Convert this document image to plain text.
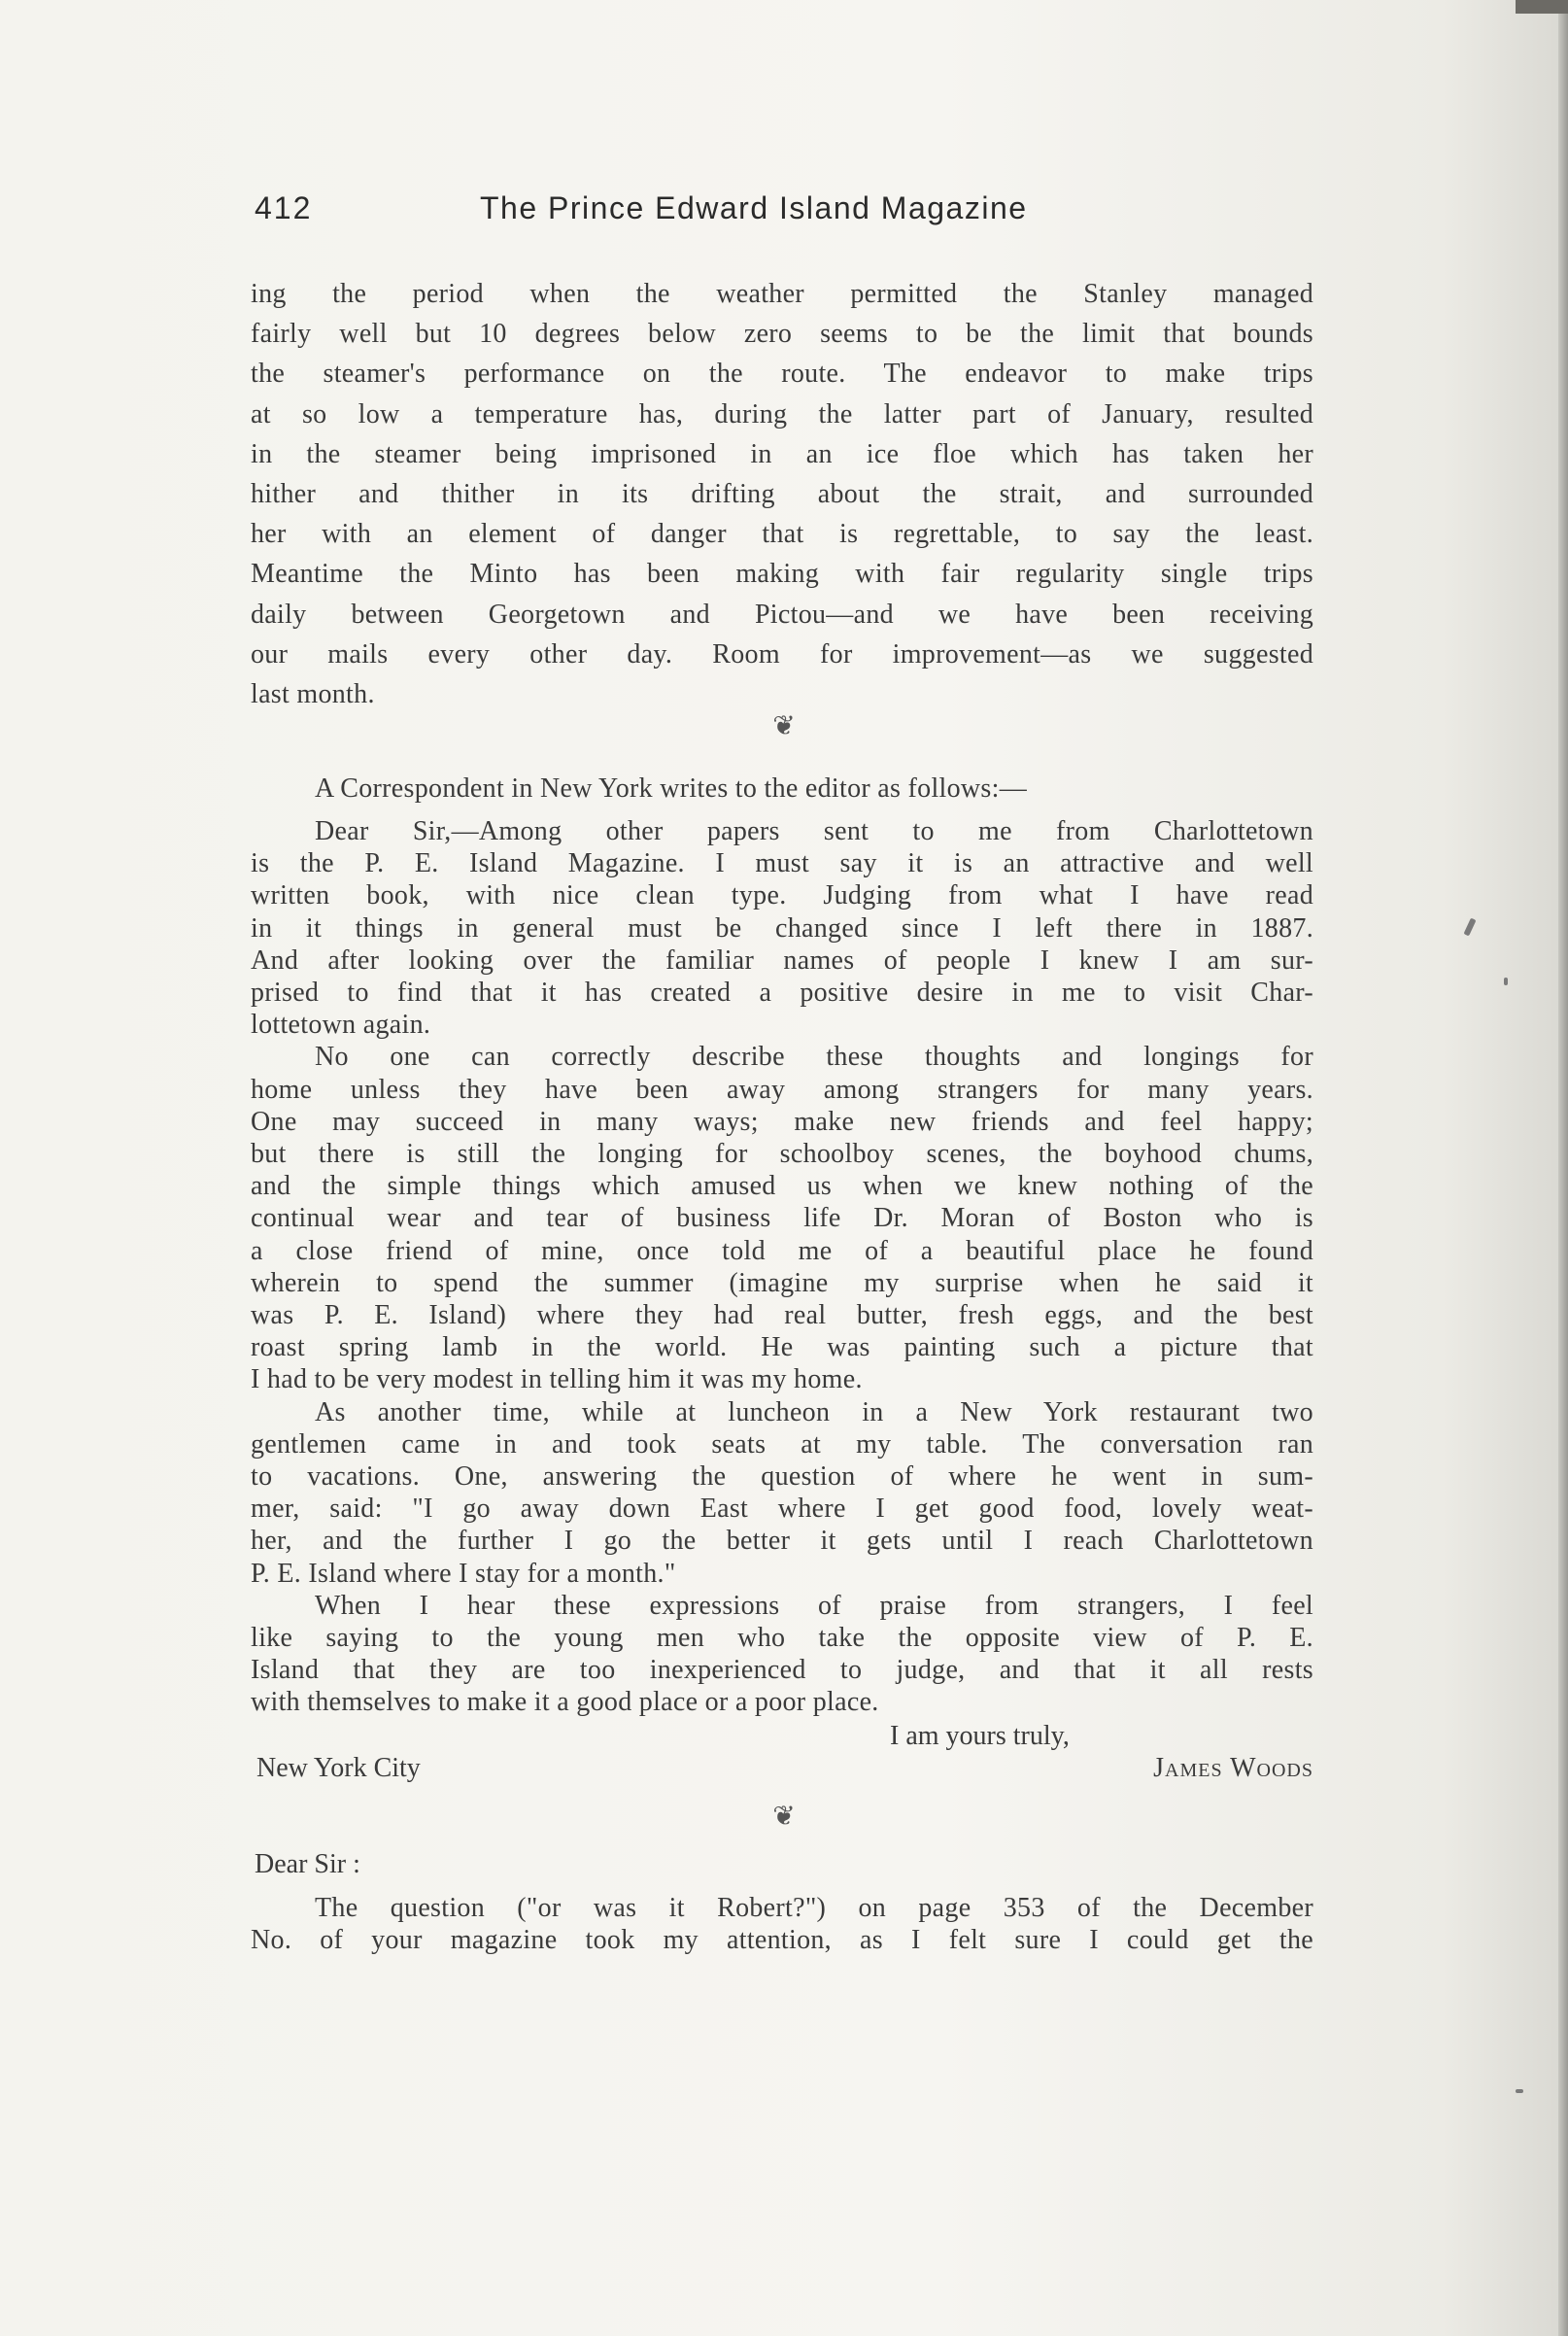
412	The Prince Edward Island Magazine
ing the period when the weather permitted the Stanley managed
fairly well but 10 degrees below zero seems to be the limit that bounds
the steamer's performance on the route. The endeavor to make trips
at so low a temperature has, during the latter part of January, resulted
in the steamer being imprisoned in an ice floe which has taken her
hither and thither in its drifting about the strait, and surrounded
her with an element of danger that is regrettable, to say the least.
Meantime the Minto has been making with fair regularity single trips
daily between Georgetown and Pictou—and we have been receiving
our mails every other day. Room for improvement—as we suggested
last month.
❦
A Correspondent in New York writes to the editor as follows:—
Dear Sir,—Among other papers sent to me from Charlottetown
is the P. E. Island Magazine. I must say it is an attractive and well
written book, with nice clean type. Judging from what I have read
in it things in general must be changed since I left there in 1887.
And after looking over the familiar names of people I knew I am sur-
prised to find that it has created a positive desire in me to visit Char-
lottetown again.
No one can correctly describe these thoughts and longings for
home unless they have been away among strangers for many years.
One may succeed in many ways; make new friends and feel happy;
but there is still the longing for schoolboy scenes, the boyhood chums,
and the simple things which amused us when we knew nothing of the
continual wear and tear of business life Dr. Moran of Boston who is
a close friend of mine, once told me of a beautiful place he found
wherein to spend the summer (imagine my surprise when he said it
was P. E. Island) where they had real butter, fresh eggs, and the best
roast spring lamb in the world. He was painting such a picture that
I had to be very modest in telling him it was my home.
As another time, while at luncheon in a New York restaurant two
gentlemen came in and took seats at my table. The conversation ran
to vacations. One, answering the question of where he went in sum-
mer, said: "I go away down East where I get good food, lovely weat-
her, and the further I go the better it gets until I reach Charlottetown
P. E. Island where I stay for a month."
When I hear these expressions of praise from strangers, I feel
like saying to the young men who take the opposite view of P. E.
Island that they are too inexperienced to judge, and that it all rests
with themselves to make it a good place or a poor place.
I am yours truly,
New York City	James Woods
❦
Dear Sir :
The question ("or was it Robert?") on page 353 of the December
No. of your magazine took my attention, as I felt sure I could get the
